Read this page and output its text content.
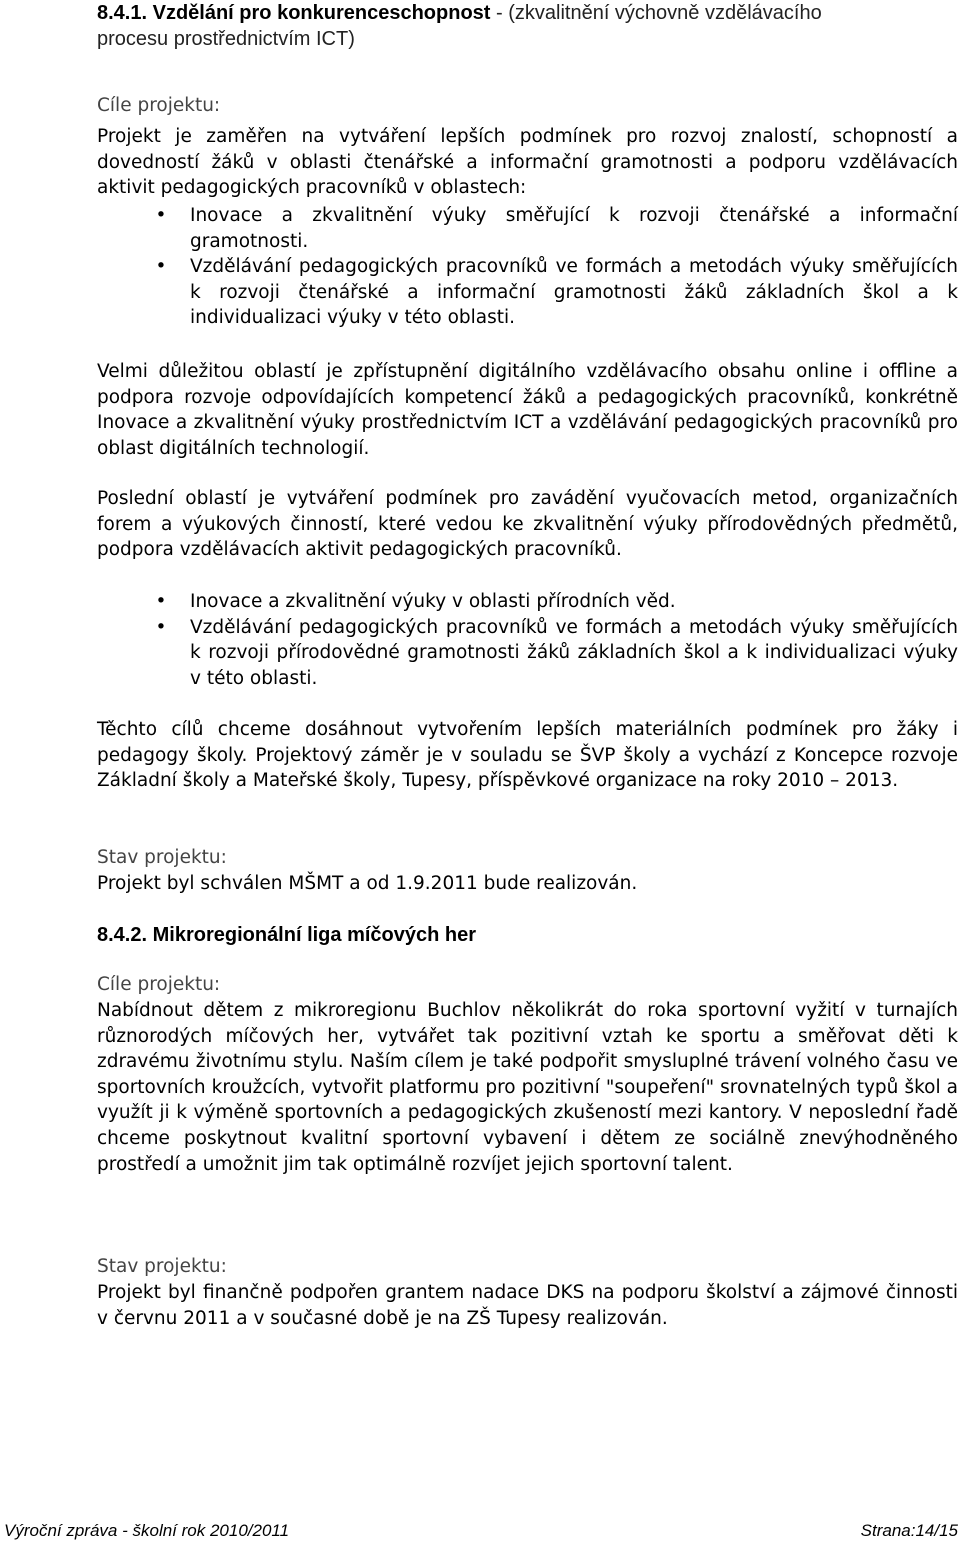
8.4.1. Vzdělání pro konkurenceschopnost - (zkvalitnění výchovně vzdělávacího procesu prostřednictvím ICT)
Cíle projektu:
Projekt je zaměřen na vytváření lepších podmínek pro rozvoj znalostí, schopností a dovedností žáků v oblasti čtenářské a informační gramotnosti a podporu vzdělávacích aktivit pedagogických pracovníků v oblastech:
• Inovace a zkvalitnění výuky směřující k rozvoji čtenářské a informační gramotnosti.
• Vzdělávání pedagogických pracovníků ve formách a metodách výuky směřujících k rozvoji čtenářské a informační gramotnosti žáků základních škol a k individualizaci výuky v této oblasti.
Velmi důležitou oblastí je zpřístupnění digitálního vzdělávacího obsahu online i offline a podpora rozvoje odpovídajících kompetencí žáků a pedagogických pracovníků, konkrétně Inovace a zkvalitnění výuky prostřednictvím ICT a vzdělávání pedagogických pracovníků pro oblast digitálních technologií.
Poslední oblastí je vytváření podmínek pro zavádění vyučovacích metod, organizačních forem a výukových činností, které vedou ke zkvalitnění výuky přírodovědných předmětů, podpora vzdělávacích aktivit pedagogických pracovníků.
• Inovace a zkvalitnění výuky v oblasti přírodních věd.
• Vzdělávání pedagogických pracovníků ve formách a metodách výuky směřujících k rozvoji přírodovědné gramotnosti žáků základních škol a k individualizaci výuky v této oblasti.
Těchto cílů chceme dosáhnout vytvořením lepších materiálních podmínek pro žáky i pedagogy školy. Projektový záměr je v souladu se ŠVP školy a vychází z Koncepce rozvoje Základní školy a Mateřské školy, Tupesy, příspěvkové organizace na roky 2010 – 2013.
Stav projektu:
Projekt byl schválen MŠMT a od 1.9.2011 bude realizován.
8.4.2. Mikroregionální liga míčových her
Cíle projektu:
Nabídnout dětem z mikroregionu Buchlov několikrát do roka sportovní vyžití v turnajích různorodých míčových her, vytvářet tak pozitivní vztah ke sportu a směřovat děti k zdravému životnímu stylu. Naším cílem je také podpořit smysluplné trávení volného času ve sportovních kroužcích, vytvořit platformu pro pozitivní "soupeření" srovnatelných typů škol a využít ji k výměně sportovních a pedagogických zkušeností mezi kantory. V neposlední řadě chceme poskytnout kvalitní sportovní vybavení i dětem ze sociálně znevýhodněného prostředí a umožnit jim tak optimálně rozvíjet jejich sportovní talent.
Stav projektu:
Projekt byl finančně podpořen grantem nadace DKS na podporu školství a zájmové činnosti v červnu 2011 a v současné době je na ZŠ Tupesy realizován.
Výroční zpráva - školní rok 2010/2011	Strana:14/15
